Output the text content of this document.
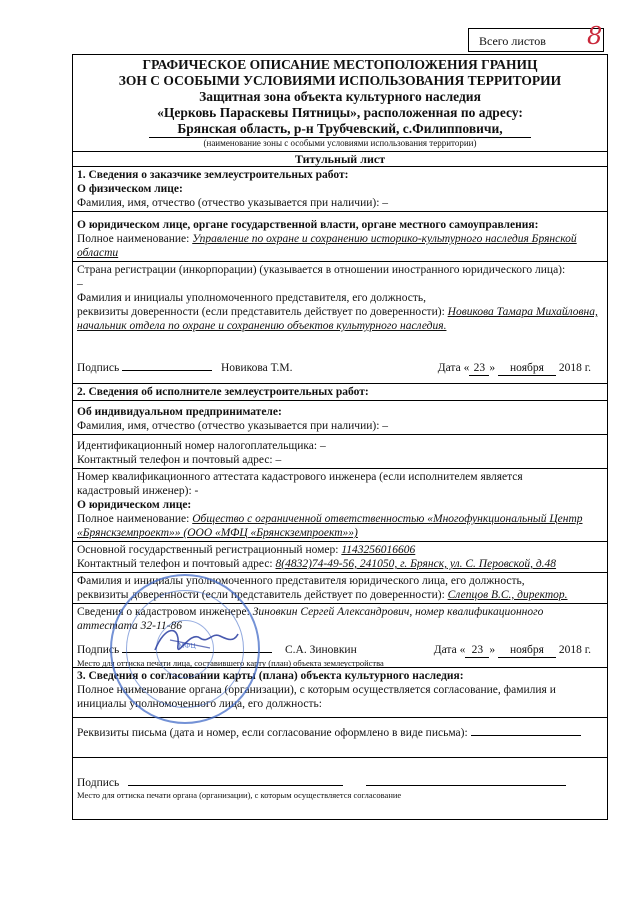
Всего листов 8
ГРАФИЧЕСКОЕ ОПИСАНИЕ МЕСТОПОЛОЖЕНИЯ ГРАНИЦ
ЗОН С ОСОБЫМИ УСЛОВИЯМИ ИСПОЛЬЗОВАНИЯ ТЕРРИТОРИИ
Защитная зона объекта культурного наследия
«Церковь Параскевы Пятницы», расположенная по адресу:
Брянская область, р-н Трубчевский, с.Филипповичи,
(наименование зоны с особыми условиями использования территории)
Титульный лист
1. Сведения о заказчике землеустроительных работ:
О физическом лице:
Фамилия, имя, отчество (отчество указывается при наличии): –
О юридическом лице, органе государственной власти, органе местного самоуправления:
Полное наименование: Управление по охране и сохранению историко-культурного наследия Брянской области
Страна регистрации (инкорпорации) (указывается в отношении иностранного юридического лица):
–
Фамилия и инициалы уполномоченного представителя, его должность,
реквизиты доверенности (если представитель действует по доверенности): Новикова Тамара Михайловна, начальник отдела по охране и сохранению объектов культурного наследия.
Подпись	Новикова Т.М.	Дата « 23 » ноября 2018 г.
2. Сведения об исполнителе землеустроительных работ:
Об индивидуальном предпринимателе:
Фамилия, имя, отчество (отчество указывается при наличии): –
Идентификационный номер налогоплательщика: –
Контактный телефон и почтовый адрес: –
Номер квалификационного аттестата кадастрового инженера (если исполнителем является
кадастровый инженер): -
О юридическом лице:
Полное наименование: Общество с ограниченной ответственностью «Многофункциональный Центр «Брянскземпроект»» (ООО «МФЦ «Брянскземпроект»»)
Основной государственный регистрационный номер: 1143256016606
Контактный телефон и почтовый адрес: 8(4832)74-49-56, 241050, г. Брянск, ул. С. Перовской, д.48
Фамилия и инициалы уполномоченного представителя юридического лица, его должность,
реквизиты доверенности (если представитель действует по доверенности): Слепцов В.С., директор.
Сведения о кадастровом инженере: Зиновкин Сергей Александрович, номер квалификационного аттестата 32-11-86
Подпись	С.А. Зиновкин	Дата « 23 » ноября 2018 г.
Место для оттиска печати лица, составившего карту (план) объекта землеустройства
3. Сведения о согласовании карты (плана) объекта культурного наследия:
Полное наименование органа (организации), с которым осуществляется согласование, фамилия и
инициалы уполномоченного лица, его должность:
Реквизиты письма (дата и номер, если согласование оформлено в виде письма):
Подпись
Место для оттиска печати органа (организации), с которым осуществляется согласование
МФЦ
